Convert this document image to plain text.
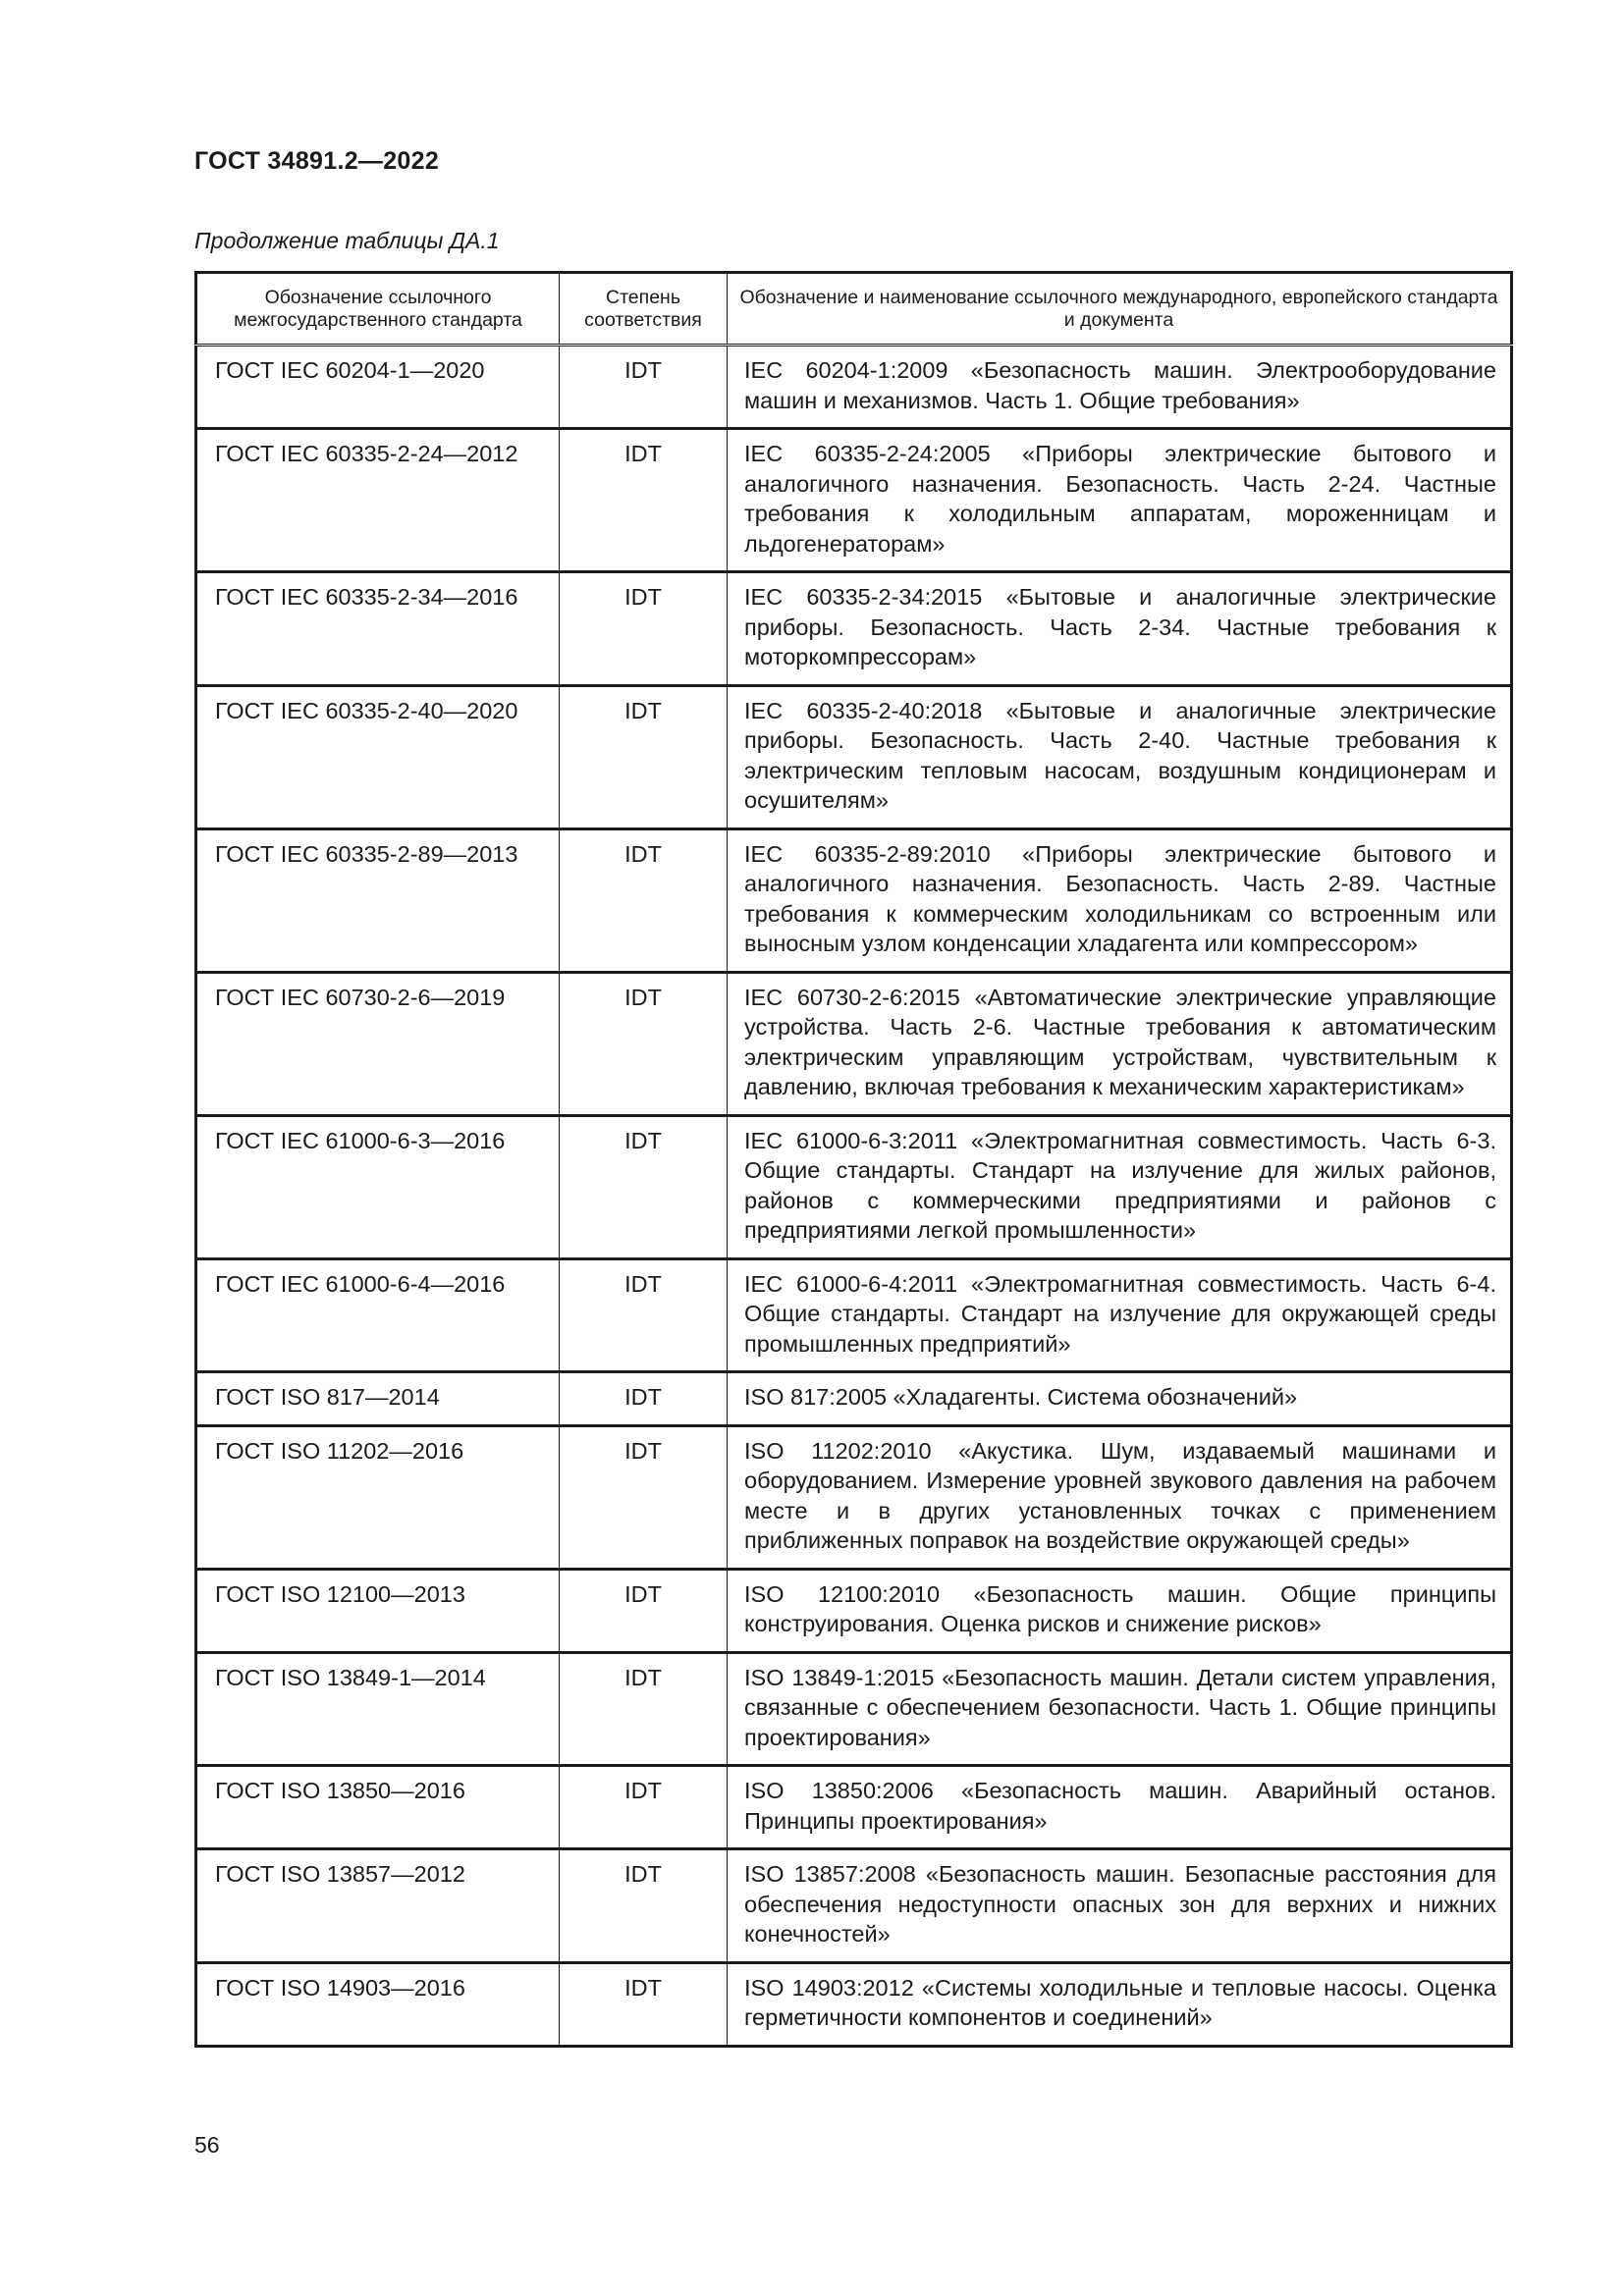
ГОСТ 34891.2—2022
Продолжение таблицы ДА.1
Обозначение ссылочного межгосударственного стандарта	Степень соответствия	Обозначение и наименование ссылочного международного, европейского стандарта и документа
ГОСТ IEC 60204-1—2020	IDT	IEC 60204-1:2009 «Безопасность машин. Электрооборудование машин и механизмов. Часть 1. Общие требования»
ГОСТ IEC 60335-2-24—2012	IDT	IEC 60335-2-24:2005 «Приборы электрические бытового и аналогичного назначения. Безопасность. Часть 2-24. Частные требования к холодильным аппаратам, мороженницам и льдогенераторам»
ГОСТ IEC 60335-2-34—2016	IDT	IEC 60335-2-34:2015 «Бытовые и аналогичные электрические приборы. Безопасность. Часть 2-34. Частные требования к моторкомпрессорам»
ГОСТ IEC 60335-2-40—2020	IDT	IEC 60335-2-40:2018 «Бытовые и аналогичные электрические приборы. Безопасность. Часть 2-40. Частные требования к электрическим тепловым насосам, воздушным кондиционерам и осушителям»
ГОСТ IEC 60335-2-89—2013	IDT	IEC 60335-2-89:2010 «Приборы электрические бытового и аналогичного назначения. Безопасность. Часть 2-89. Частные требования к коммерческим холодильникам со встроенным или выносным узлом конденсации хладагента или компрессором»
ГОСТ IEC 60730-2-6—2019	IDT	IEC 60730-2-6:2015 «Автоматические электрические управляющие устройства. Часть 2-6. Частные требования к автоматическим электрическим управляющим устройствам, чувствительным к давлению, включая требования к механическим характеристикам»
ГОСТ IEC 61000-6-3—2016	IDT	IEC 61000-6-3:2011 «Электромагнитная совместимость. Часть 6-3. Общие стандарты. Стандарт на излучение для жилых районов, районов с коммерческими предприятиями и районов с предприятиями легкой промышленности»
ГОСТ IEC 61000-6-4—2016	IDT	IEC 61000-6-4:2011 «Электромагнитная совместимость. Часть 6-4. Общие стандарты. Стандарт на излучение для окружающей среды промышленных предприятий»
ГОСТ ISO 817—2014	IDT	ISO 817:2005 «Хладагенты. Система обозначений»
ГОСТ ISO 11202—2016	IDT	ISO 11202:2010 «Акустика. Шум, издаваемый машинами и оборудованием. Измерение уровней звукового давления на рабочем месте и в других установленных точках с применением приближенных поправок на воздействие окружающей среды»
ГОСТ ISO 12100—2013	IDT	ISO 12100:2010 «Безопасность машин. Общие принципы конструирования. Оценка рисков и снижение рисков»
ГОСТ ISO 13849-1—2014	IDT	ISO 13849-1:2015 «Безопасность машин. Детали систем управления, связанные с обеспечением безопасности. Часть 1. Общие принципы проектирования»
ГОСТ ISO 13850—2016	IDT	ISO 13850:2006 «Безопасность машин. Аварийный останов. Принципы проектирования»
ГОСТ ISO 13857—2012	IDT	ISO 13857:2008 «Безопасность машин. Безопасные расстояния для обеспечения недоступности опасных зон для верхних и нижних конечностей»
ГОСТ ISO 14903—2016	IDT	ISO 14903:2012 «Системы холодильные и тепловые насосы. Оценка герметичности компонентов и соединений»
56
